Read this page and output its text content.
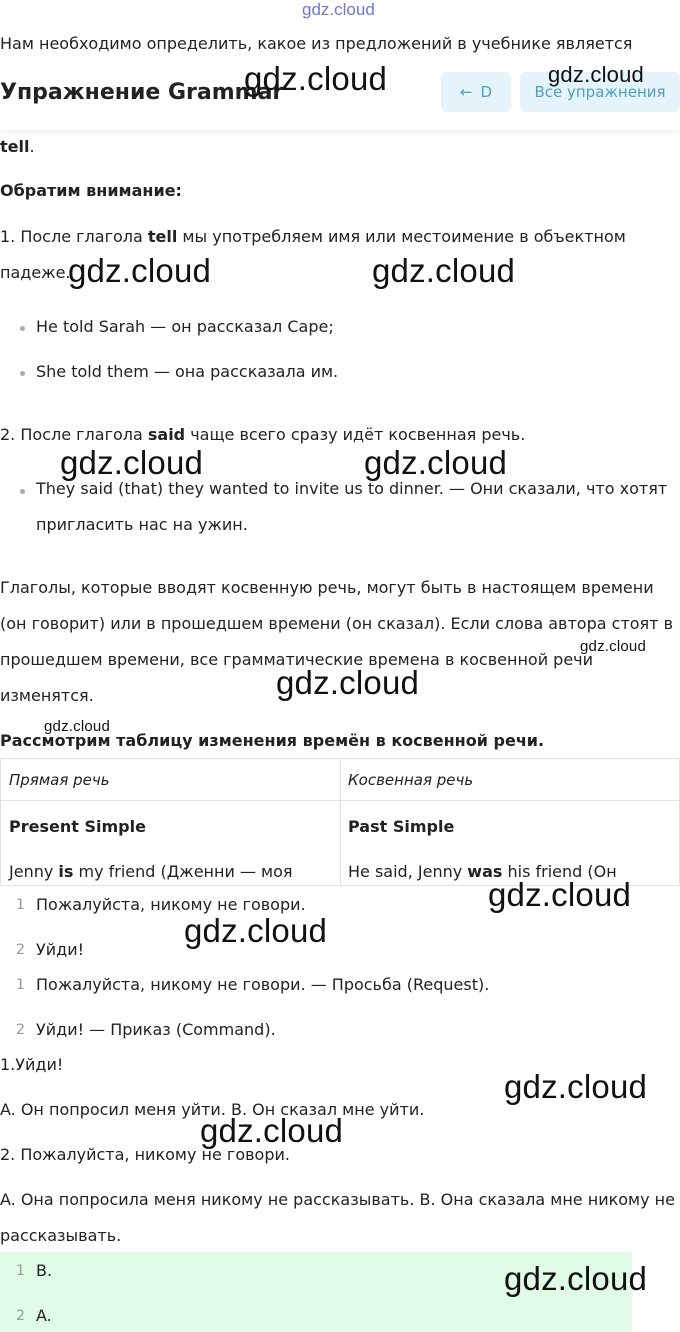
gdz.cloud
Нам необходимо определить, какое из предложений в учебнике является
Упражнение Grammar	← D	Все упражнения
tell.
Обратим внимание:
1. После глагола tell мы употребляем имя или местоимение в объектном
падеже.
He told Sarah — он рассказал Саре;
She told them — она рассказала им.
2. После глагола said чаще всего сразу идёт косвенная речь.
They said (that) they wanted to invite us to dinner. — Они сказали, что хотят
пригласить нас на ужин.
Глаголы, которые вводят косвенную речь, могут быть в настоящем времени
(он говорит) или в прошедшем времени (он сказал). Если слова автора стоят в
прошедшем времени, все грамматические времена в косвенной речи
изменятся.
Рассмотрим таблицу изменения времён в косвенной речи.
Прямая речь	Косвенная речь
Present Simple	Past Simple
Jenny is my friend (Дженни — моя	He said, Jenny was his friend (Он
1 Пожалуйста, никому не говори.
2 Уйди!
1 Пожалуйста, никому не говори. — Просьба (Request).
2 Уйди! — Приказ (Command).
1.Уйди!
A. Он попросил меня уйти. B. Он сказал мне уйти.
2. Пожалуйста, никому не говори.
A. Она попросила меня никому не рассказывать. B. Она сказала мне никому не
рассказывать.
1 B.
2 A.
gdz.cloud	gdz.cloud
gdz.cloud	gdz.cloud
gdz.cloud	gdz.cloud
gdz.cloud
gdz.cloud
gdz.cloud
gdz.cloud
gdz.cloud
gdz.cloud
gdz.cloud
gdz.cloud
